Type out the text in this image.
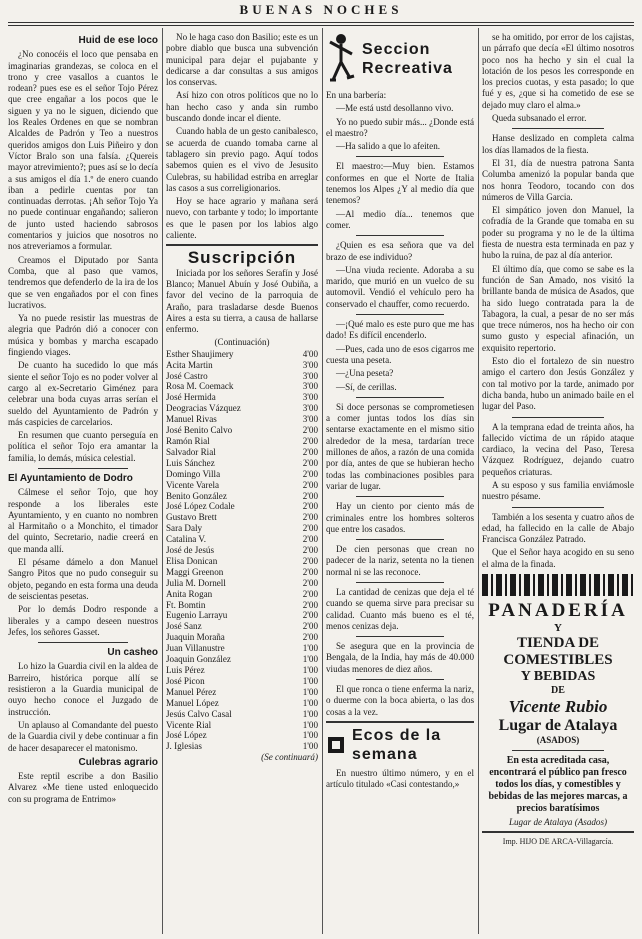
BUENAS NOCHES
Huid de ese loco

¿No conocéis el loco que pensaba en imaginarias grandezas, se coloca en el trono y cree vasallos a cuantos le rodean? pues ese es el señor Tojo Pérez que cree engañar a los pocos que le siguen y ya no le siguen, diciendo que los Reales Ordenes en que se nombran Alcaldes de Padrón y Teo a nuestros queridos amigos don Luis Piñeiro y don Víctor Bralo son una falsía. ¿Quereis mayor atrevimiento?; pues así se lo decía a sus amigos el día 1.º de enero cuando iban a pedirle cuentas por tan continuadas derrotas. ¡Ah señor Tojo Ya no puede continuar engañando; salieron de junto usted haciendo sabrosos comentarios y juicios que nosotros no nos atreveriamos a formular.

Creamos el Diputado por Santa Comba, que al paso que vamos, tendremos que defenderlo de la ira de los que se ven engañados por el con fines lucrativos.

Ya no puede resistir las muestras de alegria que Padrón dió a conocer con música y bombas y marcha escapado fingiendo viages.

De cuanto ha sucedido lo que más siente el señor Tojo es no poder volver al cargo al ex-Secretario Giménez para celebrar una boda cuyas arras serían el sueldo del Ayuntamiento de Padrón y más caspicies de carcelarios.

En resumen que cuanto perseguía en política el señor Tojo era amantar la familia, lo demás, música celestial.

El Ayuntamiento de Dodro

Cálmese el señor Tojo, que hoy responde a los liberales este Ayuntamiento, y en cuanto no nombren al Harmitaño o a Monchito, el timador del quinto, Secretario, nadie creerá en que manda allí.

El pésame dámelo a don Manuel Sangro Pitos que no pudo conseguir su objeto, pegando en esta forma una deuda de seiscientas pesetas.

Por lo demás Dodro responde a liberales y a campo deseen nuestros Jefes, los señores Gasset.

Un casheo

Lo hizo la Guardia civil en la aldea de Barreiro, histórica porque allí se resistieron a la Guardia municipal de ouyo hecho conoce el Juzgado de instrucción.

Un aplauso al Comandante del puesto de la Guardia civil y debe continuar a fin de hacer desaparecer el matonismo.

Culebras agrario

Este reptil escribe a don Basilio Alvarez «Me tiene usted enloquecido con su programa de Entrimo»

No le haga caso don Basilio; este es un pobre diablo que busca una subvención municipal para dejar el pujabante y dedicarse a dar consultas a sus amigos los conservas.

Así hizo con otros políticos que no lo han hecho caso y anda sin rumbo buscando donde incar el diente.

Cuando habla de un gesto canibalesco, se acuerda de cuando tomaba carne al tablagero sin previo pago. Aquí todos sabemos quien es el vivo de Jesusito Culebras, su habilidad estriba en arreglar las casos a sus correligionarios.

Hoy se hace agrario y mañana será nuevo, con tarbante y todo; lo importante es que le pasen por los labios algo caliente.

Suscripción

Iniciada por los señores Serafín y José Blanco; Manuel Abuín y José Oubiña, a favor del vecino de la parroquia de Araño, para trasladarse desde Buenos Aires a esta su tierra, a causa de hallarse enfermo.

(Continuación)
Esther Shaujimery	4'00
Acita Martin	3'00
José Castro	3'00
Rosa M. Coemack	3'00
José Hermida	3'00
Deogracias Vázquez	3'00
Manuel Rivas	3'00
José Benito Calvo	2'00
Ramón Rial	2'00
Salvador Rial	2'00
Luis Sánchez	2'00
Domingo Villa	2'00
Vicente Varela	2'00
Benito González	2'00
José López Codale	2'00
Gustavo Brett	2'00
Sara Daly	2'00
Catalina V.	2'00
José de Jesús	2'00
Elisa Donican	2'00
Maggi Greenon	2'00
Julia M. Dornell	2'00
Anita Rogan	2'00
Ft. Bomtin	2'00
Eugenio Larrayu	2'00
José Sanz	2'00
Juaquin Moraña	2'00
Juan Villanustre	1'00
Joaquin González	1'00
Luis Pérez	1'00
José Picon	1'00
Manuel Pérez	1'00
Manuel López	1'00
Jesús Calvo Casal	1'00
Vicente Rial	1'00
José López	1'00
J. Iglesias	1'00
(Se continuará)
Seccion
Recreativa

En una barbería:

—Me está ustd desollanno vivo.

Yo no puedo subir más... ¿Donde está el maestro?

—Ha salido a que lo afeiten.

El maestro:—Muy bien. Estamos conformes en que el Norte de Italia tenemos los Alpes ¿Y al medio día que tenemos?

—Al medio día... tenemos que comer.

¿Quien es esa señora que va del brazo de ese individuo?

—Una viuda reciente. Adoraba a su marido, que murió en un vuelco de su automovil. Vendió el vehículo pero ha conservado el chauffer, como recuerdo.

—¡Qué malo es este puro que me has dado! Es difícil encenderlo.

—Pues, cada uno de esos cigarros me cuesta una peseta.

—¿Una peseta?

—Sí, de cerillas.

Si doce personas se comprometiesen a comer juntas todos los días sin sentarse exactamente en el mismo sitio alrededor de la mesa, tardarían trece millones de años, a razón de una comida por día, antes de que se hubieran hecho todas las combinaciones posibles para variar de lugar.

Hay un ciento por ciento más de criminales entre los hombres solteros que entre los casados.

De cien personas que crean no padecer de la nariz, setenta no la tienen normal ni se las reconoce.

La cantidad de cenizas que deja el té cuando se quema sirve para precisar su calidad. Cuanto más bueno es el té, menos cenizas deja.

Se asegura que en la provincia de Bengala, de la India, hay más de 40.000 viudas menores de diez años.

El que ronca o tiene enferma la nariz, o duerme con la boca abierta, o las dos cosas a la vez.

Ecos de la
semana

En nuestro último número, y en el artículo titulado «Casi contestando,»

se ha omitido, por error de los cajistas, un párrafo que decía «El último nosotros poco nos ha hecho y sin el cual la lotación de los pesos les corresponde en los precios cuotas, y esta pasado; lo que fué y es, ¿que si ha cometido de ese se dejado muy claro el alma.»

Queda subsanado el error.

Hanse deslizado en completa calma los días llamados de la fiesta.

El 31, día de nuestra patrona Santa Columba amenizó la popular banda que nos honra Teodoro, tocando con dos números de Villa Garcia.

El simpático joven don Manuel, la cofradía de la Grande que tomaba en su poder su programa y no le de la última fiesta de nuestra esta terminada en paz y hubo la ruina, de paz al día anterior.

El último día, que como se sabe es la función de San Amado, nos visitó la brillante banda de música de Asados, que ha sido luego contratada para la de Tabagora, la cual, a pesar de no ser más que trece números, nos ha hecho oir con sumo gusto y especial afinación, un exquisito repertorio.

Esto dio el fortalezo de sin nuestro amigo el cartero don Jesús González y con tal motivo por la tarde, animado por dicha banda, hubo un animado baile en el lugar del Paso.

A la temprana edad de treinta años, ha fallecido víctima de un rápido ataque cardiaco, la vecina del Paso, Teresa Vázquez Rodríguez, dejando cuatro pequeños criaturas.

A su esposo y sus familia enviámosle nuestro pésame.

También a los sesenta y cuatro años de edad, ha fallecido en la calle de Abajo Francisca González Patrado.

Que el Señor haya acogido en su seno el alma de la finada.

PANADERÍA
Y
TIENDA DE COMESTIBLES
Y BEBIDAS
DE
Vicente Rubio
Lugar de Atalaya
(ASADOS)
En esta acreditada casa, encontrará el público pan fresco todos los días, y comestibles y bebidas de las mejores marcas, a precios baratísimos
Lugar de Atalaya (Asados)
Imp. HIJO DE ARCA-Villagarcía.
